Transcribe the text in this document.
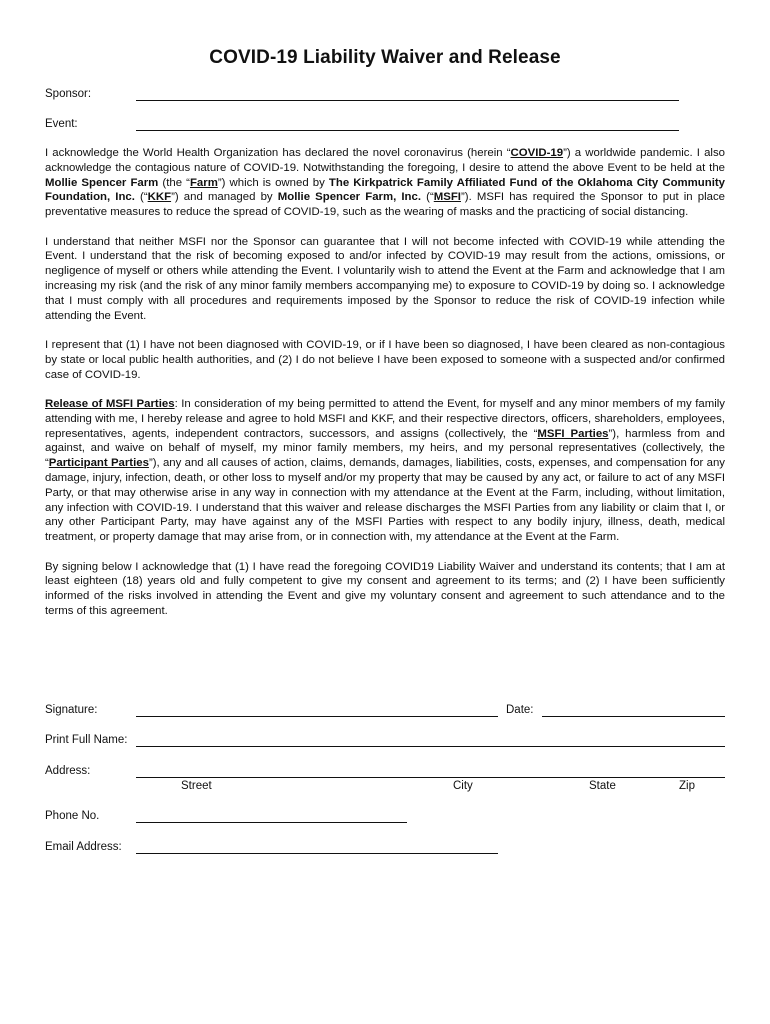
COVID-19 Liability Waiver and Release
Sponsor:
Event:

I acknowledge the World Health Organization has declared the novel coronavirus (herein “COVID-19”) a worldwide pandemic. I also acknowledge the contagious nature of COVID-19. Notwithstanding the foregoing, I desire to attend the above Event to be held at the Mollie Spencer Farm (the “Farm”) which is owned by The Kirkpatrick Family Affiliated Fund of the Oklahoma City Community Foundation, Inc. (“KKF”) and managed by Mollie Spencer Farm, Inc. (“MSFI”). MSFI has required the Sponsor to put in place preventative measures to reduce the spread of COVID-19, such as the wearing of masks and the practicing of social distancing.

I understand that neither MSFI nor the Sponsor can guarantee that I will not become infected with COVID-19 while attending the Event. I understand that the risk of becoming exposed to and/or infected by COVID-19 may result from the actions, omissions, or negligence of myself or others while attending the Event. I voluntarily wish to attend the Event at the Farm and acknowledge that I am increasing my risk (and the risk of any minor family members accompanying me) to exposure to COVID-19 by doing so. I acknowledge that I must comply with all procedures and requirements imposed by the Sponsor to reduce the risk of COVID-19 infection while attending the Event.

I represent that (1) I have not been diagnosed with COVID-19, or if I have been so diagnosed, I have been cleared as non-contagious by state or local public health authorities, and (2) I do not believe I have been exposed to someone with a suspected and/or confirmed case of COVID-19.

Release of MSFI Parties: In consideration of my being permitted to attend the Event, for myself and any minor members of my family attending with me, I hereby release and agree to hold MSFI and KKF, and their respective directors, officers, shareholders, employees, representatives, agents, independent contractors, successors, and assigns (collectively, the “MSFI Parties”), harmless from and against, and waive on behalf of myself, my minor family members, my heirs, and my personal representatives (collectively, the “Participant Parties”), any and all causes of action, claims, demands, damages, liabilities, costs, expenses, and compensation for any damage, injury, infection, death, or other loss to myself and/or my property that may be caused by any act, or failure to act of any MSFI Party, or that may otherwise arise in any way in connection with my attendance at the Event at the Farm, including, without limitation, any infection with COVID-19. I understand that this waiver and release discharges the MSFI Parties from any liability or claim that I, or any other Participant Party, may have against any of the MSFI Parties with respect to any bodily injury, illness, death, medical treatment, or property damage that may arise from, or in connection with, my attendance at the Event at the Farm.

By signing below I acknowledge that (1) I have read the foregoing COVID19 Liability Waiver and understand its contents; that I am at least eighteen (18) years old and fully competent to give my consent and agreement to its terms; and (2) I have been sufficiently informed of the risks involved in attending the Event and give my voluntary consent and agreement to such attendance and to the terms of this agreement.

Signature:	Date:
Print Full Name:
Address:
Street	City	State	Zip
Phone No.
Email Address:
